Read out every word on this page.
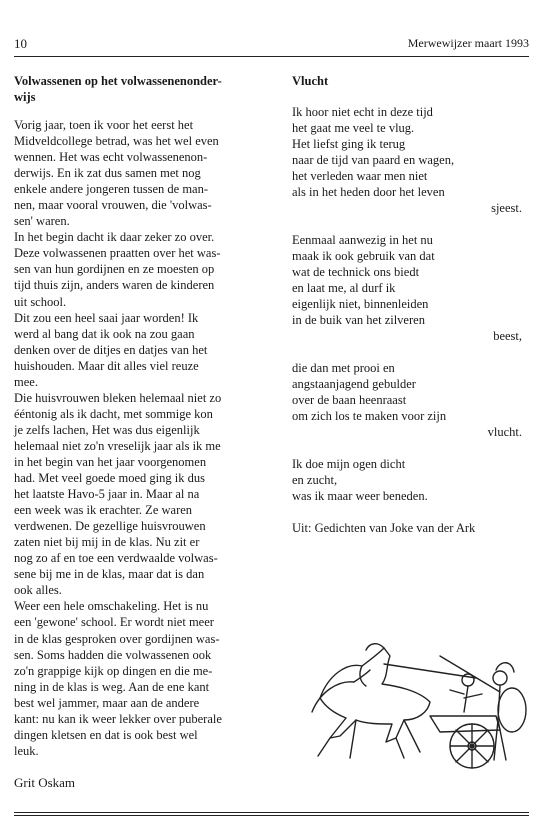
10	Merwewijzer maart 1993
Volwassenen op het volwassenenonder-
wijs
Vorig jaar, toen ik voor het eerst het
Midveldcollege betrad, was het wel even
wennen. Het was echt volwassenenon-
derwijs. En ik zat dus samen met nog
enkele andere jongeren tussen de man-
nen, maar vooral vrouwen, die 'volwas-
sen' waren.
In het begin dacht ik daar zeker zo over.
Deze volwassenen praatten over het was-
sen van hun gordijnen en ze moesten op
tijd thuis zijn, anders waren de kinderen
uit school.
Dit zou een heel saai jaar worden! Ik
werd al bang dat ik ook na zou gaan
denken over de ditjes en datjes van het
huishouden. Maar dit alles viel reuze
mee.
Die huisvrouwen bleken helemaal niet zo
ééntonig als ik dacht, met sommige kon
je zelfs lachen, Het was dus eigenlijk
helemaal niet zo'n vreselijk jaar als ik me
in het begin van het jaar voorgenomen
had. Met veel goede moed ging ik dus
het laatste Havo-5 jaar in. Maar al na
een week was ik erachter. Ze waren
verdwenen. De gezellige huisvrouwen
zaten niet bij mij in de klas. Nu zit er
nog zo af en toe een verdwaalde volwas-
sene bij me in de klas, maar dat is dan
ook alles.
Weer een hele omschakeling. Het is nu
een 'gewone' school. Er wordt niet meer
in de klas gesproken over gordijnen was-
sen. Soms hadden die volwassenen ook
zo'n grappige kijk op dingen en die me-
ning in de klas is weg. Aan de ene kant
best wel jammer, maar aan de andere
kant: nu kan ik weer lekker over puberale
dingen kletsen en dat is ook best wel
leuk.
Grit Oskam
Vlucht
Ik hoor niet echt in deze tijd
het gaat me veel te vlug.
Het liefst ging ik terug
naar de tijd van paard en wagen,
het verleden waar men niet
als in het heden door het leven
sjeest.
Eenmaal aanwezig in het nu
maak ik ook gebruik van dat
wat de technick ons biedt
en laat me, al durf ik
eigenlijk niet, binnenleiden
in de buik van het zilveren
beest,
die dan met prooi en
angstaanjagend gebulder
over de baan heenraast
om zich los te maken voor zijn
vlucht.
Ik doe mijn ogen dicht
en zucht,
was ik maar weer beneden.
Uit: Gedichten van Joke van der Ark
